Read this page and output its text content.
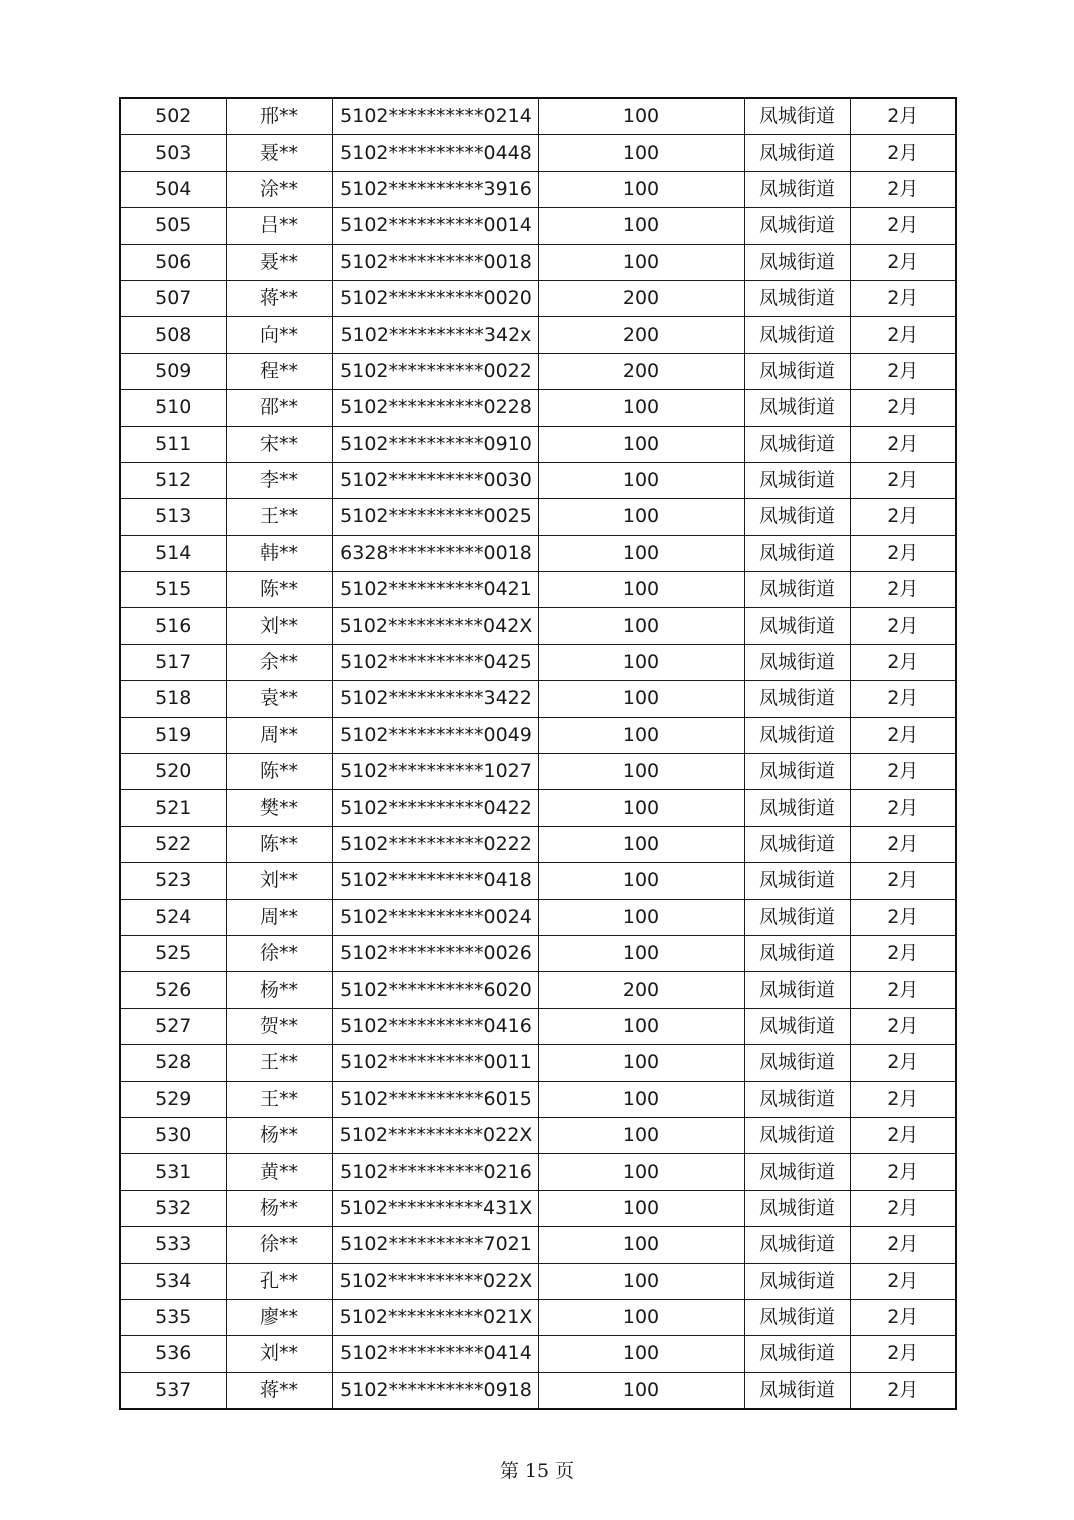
502	邢**	5102**********0214	100	凤城街道	2月
503	聂**	5102**********0448	100	凤城街道	2月
504	涂**	5102**********3916	100	凤城街道	2月
505	吕**	5102**********0014	100	凤城街道	2月
506	聂**	5102**********0018	100	凤城街道	2月
507	蒋**	5102**********0020	200	凤城街道	2月
508	向**	5102**********342x	200	凤城街道	2月
509	程**	5102**********0022	200	凤城街道	2月
510	邵**	5102**********0228	100	凤城街道	2月
511	宋**	5102**********0910	100	凤城街道	2月
512	李**	5102**********0030	100	凤城街道	2月
513	王**	5102**********0025	100	凤城街道	2月
514	韩**	6328**********0018	100	凤城街道	2月
515	陈**	5102**********0421	100	凤城街道	2月
516	刘**	5102**********042X	100	凤城街道	2月
517	余**	5102**********0425	100	凤城街道	2月
518	袁**	5102**********3422	100	凤城街道	2月
519	周**	5102**********0049	100	凤城街道	2月
520	陈**	5102**********1027	100	凤城街道	2月
521	樊**	5102**********0422	100	凤城街道	2月
522	陈**	5102**********0222	100	凤城街道	2月
523	刘**	5102**********0418	100	凤城街道	2月
524	周**	5102**********0024	100	凤城街道	2月
525	徐**	5102**********0026	100	凤城街道	2月
526	杨**	5102**********6020	200	凤城街道	2月
527	贺**	5102**********0416	100	凤城街道	2月
528	王**	5102**********0011	100	凤城街道	2月
529	王**	5102**********6015	100	凤城街道	2月
530	杨**	5102**********022X	100	凤城街道	2月
531	黄**	5102**********0216	100	凤城街道	2月
532	杨**	5102**********431X	100	凤城街道	2月
533	徐**	5102**********7021	100	凤城街道	2月
534	孔**	5102**********022X	100	凤城街道	2月
535	廖**	5102**********021X	100	凤城街道	2月
536	刘**	5102**********0414	100	凤城街道	2月
537	蒋**	5102**********0918	100	凤城街道	2月
第 15 页
